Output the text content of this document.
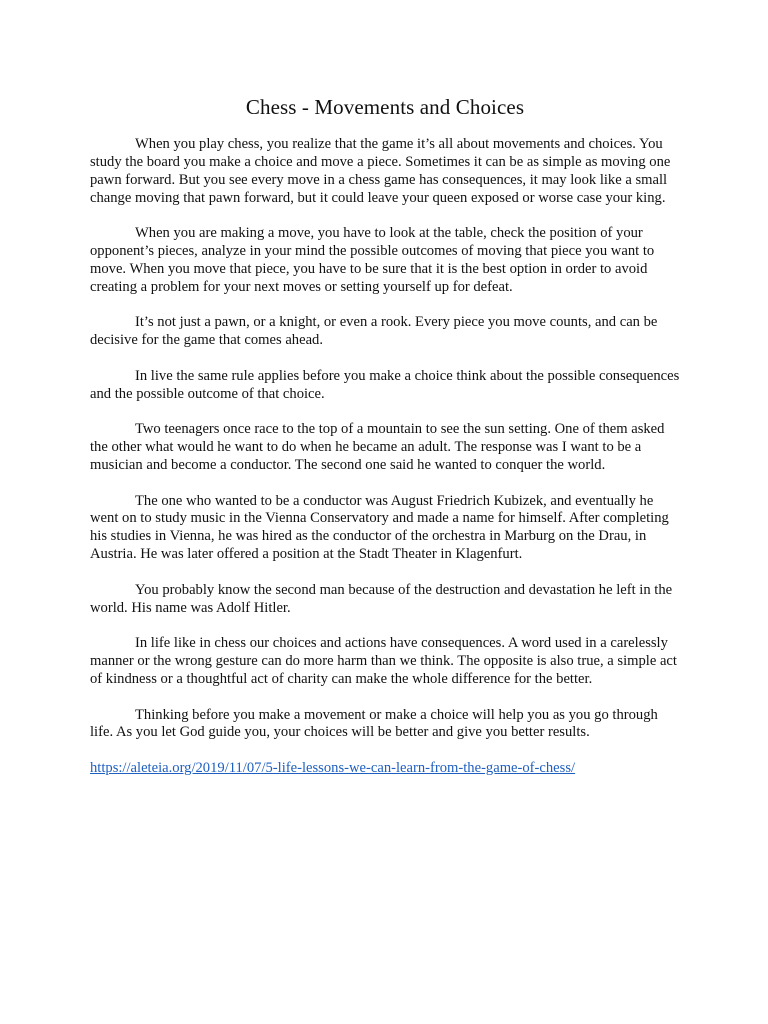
Chess - Movements and Choices

When you play chess, you realize that the game it’s all about movements and choices. You study the board you make a choice and move a piece. Sometimes it can be as simple as moving one pawn forward. But you see every move in a chess game has consequences, it may look like a small change moving that pawn forward, but it could leave your queen exposed or worse case your king.

When you are making a move, you have to look at the table, check the position of your opponent’s pieces, analyze in your mind the possible outcomes of moving that piece you want to move. When you move that piece, you have to be sure that it is the best option in order to avoid creating a problem for your next moves or setting yourself up for defeat.

It’s not just a pawn, or a knight, or even a rook. Every piece you move counts, and can be decisive for the game that comes ahead.

In live the same rule applies before you make a choice think about the possible consequences and the possible outcome of that choice.

Two teenagers once race to the top of a mountain to see the sun setting. One of them asked the other what would he want to do when he became an adult. The response was I want to be a musician and become a conductor. The second one said he wanted to conquer the world.

The one who wanted to be a conductor was August Friedrich Kubizek, and eventually he went on to study music in the Vienna Conservatory and made a name for himself. After completing his studies in Vienna, he was hired as the conductor of the orchestra in Marburg on the Drau, in Austria. He was later offered a position at the Stadt Theater in Klagenfurt.

You probably know the second man because of the destruction and devastation he left in the world. His name was Adolf Hitler.

In life like in chess our choices and actions have consequences. A word used in a carelessly manner or the wrong gesture can do more harm than we think. The opposite is also true, a simple act of kindness or a thoughtful act of charity can make the whole difference for the better.

Thinking before you make a movement or make a choice will help you as you go through life. As you let God guide you, your choices will be better and give you better results.

https://aleteia.org/2019/11/07/5-life-lessons-we-can-learn-from-the-game-of-chess/
